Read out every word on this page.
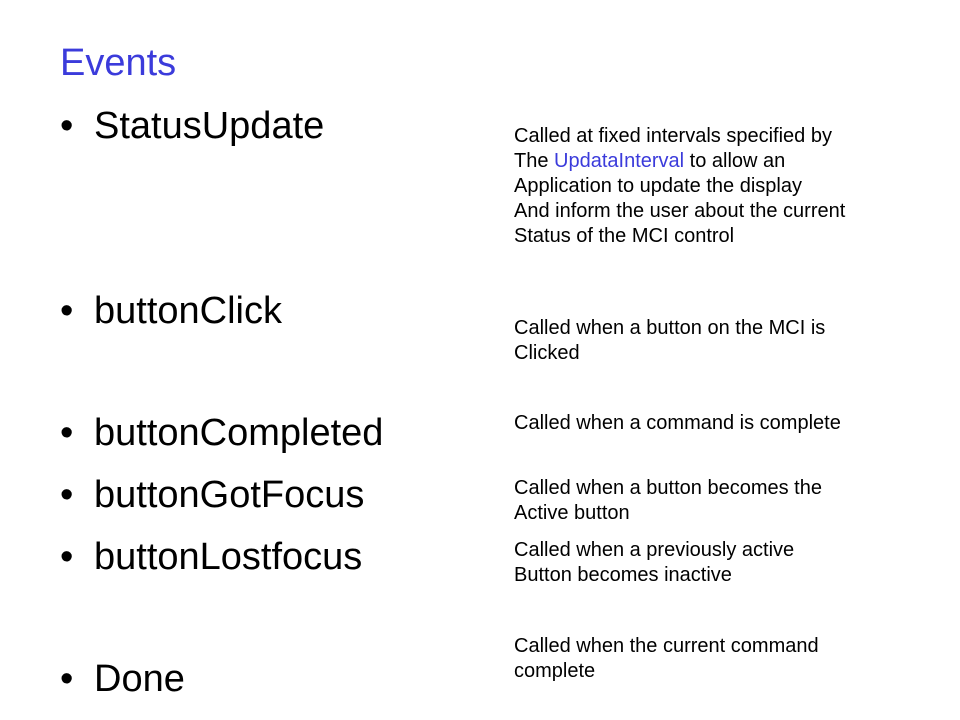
Events
• StatusUpdate
• buttonClick
• buttonCompleted
• buttonGotFocus
• buttonLostfocus
• Done
Called at fixed intervals specified by
The UpdataInterval to allow an
Application to update the display
And inform the user about the current
Status of the MCI control
Called when a button on the MCI is
Clicked
Called when a command is complete
Called when a button becomes the
Active button
Called when a previously active
Button becomes inactive
Called when the current command
complete
